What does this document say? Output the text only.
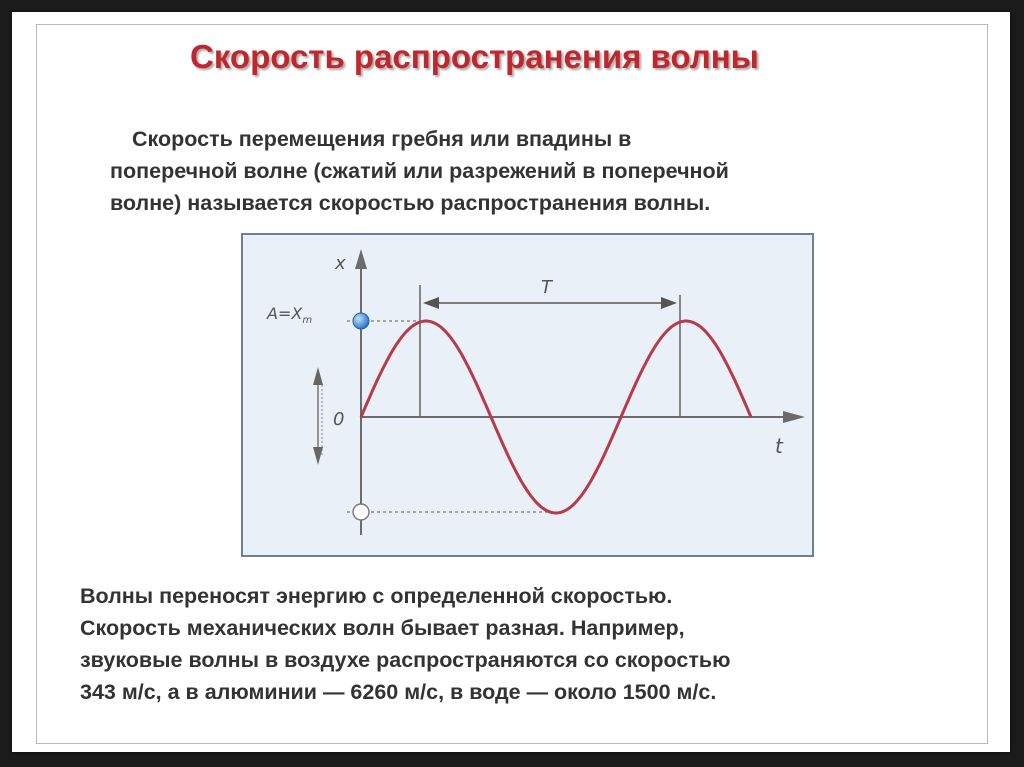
Скорость распространения волны
Скорость перемещения гребня или впадины в
поперечной волне (сжатий или разрежений в поперечной
волне) называется скоростью распространения волны.
x
t
0
T
$A=X_m$
Волны переносят энергию с определенной скоростью.
Скорость механических волн бывает разная. Например,
звуковые волны в воздухе распространяются со скоростью
343 м/с, а в алюминии — 6260 м/с, в воде — около 1500 м/с.
